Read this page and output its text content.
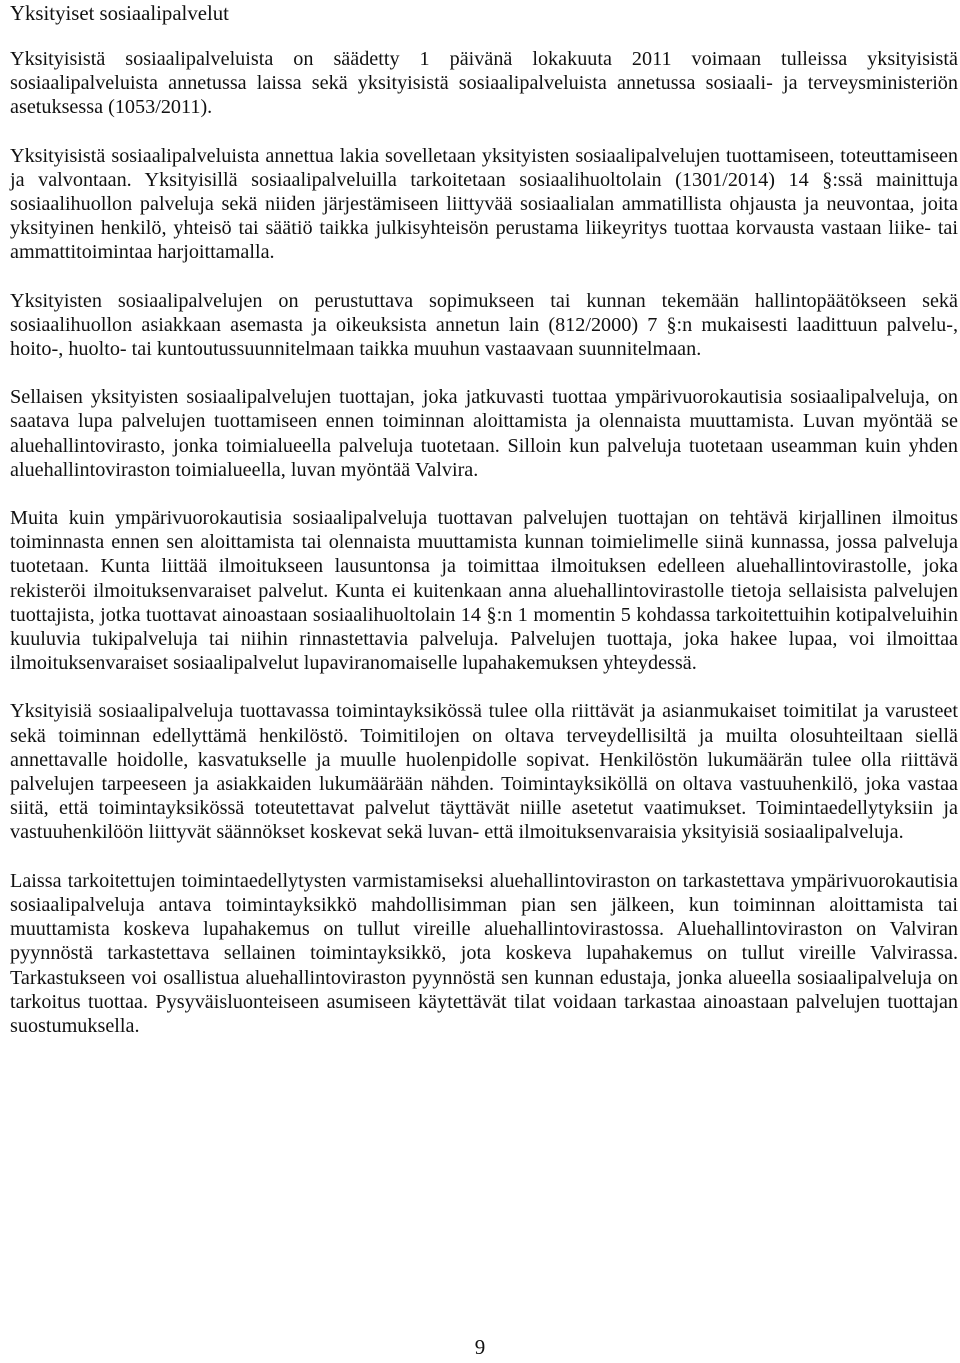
Yksityiset sosiaalipalvelut

Yksityisistä sosiaalipalveluista on säädetty 1 päivänä lokakuuta 2011 voimaan tulleissa yksityisistä sosiaalipalveluista annetussa laissa sekä yksityisistä sosiaalipalveluista annetussa sosiaali- ja terveysministeriön asetuksessa (1053/2011).

Yksityisistä sosiaalipalveluista annettua lakia sovelletaan yksityisten sosiaalipalvelujen tuottamiseen, toteuttamiseen ja valvontaan. Yksityisillä sosiaalipalveluilla tarkoitetaan sosiaalihuoltolain (1301/2014) 14 §:ssä mainittuja sosiaalihuollon palveluja sekä niiden järjestämiseen liittyvää sosiaalialan ammatillista ohjausta ja neuvontaa, joita yksityinen henkilö, yhteisö tai säätiö taikka julkisyhteisön perustama liikeyritys tuottaa korvausta vastaan liike- tai ammattitoimintaa harjoittamalla.

Yksityisten sosiaalipalvelujen on perustuttava sopimukseen tai kunnan tekemään hallintopäätökseen sekä sosiaalihuollon asiakkaan asemasta ja oikeuksista annetun lain (812/2000) 7 §:n mukaisesti laadittuun palvelu-, hoito-, huolto- tai kuntoutussuunnitelmaan taikka muuhun vastaavaan suunnitelmaan.

Sellaisen yksityisten sosiaalipalvelujen tuottajan, joka jatkuvasti tuottaa ympärivuorokautisia sosiaalipalveluja, on saatava lupa palvelujen tuottamiseen ennen toiminnan aloittamista ja olennaista muuttamista. Luvan myöntää se aluehallintovirasto, jonka toimialueella palveluja tuotetaan. Silloin kun palveluja tuotetaan useamman kuin yhden aluehallintoviraston toimialueella, luvan myöntää Valvira.

Muita kuin ympärivuorokautisia sosiaalipalveluja tuottavan palvelujen tuottajan on tehtävä kirjallinen ilmoitus toiminnasta ennen sen aloittamista tai olennaista muuttamista kunnan toimielimelle siinä kunnassa, jossa palveluja tuotetaan. Kunta liittää ilmoitukseen lausuntonsa ja toimittaa ilmoituksen edelleen aluehallintovirastolle, joka rekisteröi ilmoituksenvaraiset palvelut. Kunta ei kuitenkaan anna aluehallintovirastolle tietoja sellaisista palvelujen tuottajista, jotka tuottavat ainoastaan sosiaalihuoltolain 14 §:n 1 momentin 5 kohdassa tarkoitettuihin kotipalveluihin kuuluvia tukipalveluja tai niihin rinnastettavia palveluja. Palvelujen tuottaja, joka hakee lupaa, voi ilmoittaa ilmoituksenvaraiset sosiaalipalvelut lupaviranomaiselle lupahakemuksen yhteydessä.

Yksityisiä sosiaalipalveluja tuottavassa toimintayksikössä tulee olla riittävät ja asianmukaiset toimitilat ja varusteet sekä toiminnan edellyttämä henkilöstö. Toimitilojen on oltava terveydellisiltä ja muilta olosuhteiltaan siellä annettavalle hoidolle, kasvatukselle ja muulle huolenpidolle sopivat. Henkilöstön lukumäärän tulee olla riittävä palvelujen tarpeeseen ja asiakkaiden lukumäärään nähden. Toimintayksiköllä on oltava vastuuhenkilö, joka vastaa siitä, että toimintayksikössä toteutettavat palvelut täyttävät niille asetetut vaatimukset. Toimintaedellytyksiin ja vastuuhenkilöön liittyvät säännökset koskevat sekä luvan- että ilmoituksenvaraisia yksityisiä sosiaalipalveluja.

Laissa tarkoitettujen toimintaedellytysten varmistamiseksi aluehallintoviraston on tarkastettava ympärivuorokautisia sosiaalipalveluja antava toimintayksikkö mahdollisimman pian sen jälkeen, kun toiminnan aloittamista tai muuttamista koskeva lupahakemus on tullut vireille aluehallintovirastossa. Aluehallintoviraston on Valviran pyynnöstä tarkastettava sellainen toimintayksikkö, jota koskeva lupahakemus on tullut vireille Valvirassa. Tarkastukseen voi osallistua aluehallintoviraston pyynnöstä sen kunnan edustaja, jonka alueella sosiaalipalveluja on tarkoitus tuottaa. Pysyväisluonteiseen asumiseen käytettävät tilat voidaan tarkastaa ainoastaan palvelujen tuottajan suostumuksella.

9
